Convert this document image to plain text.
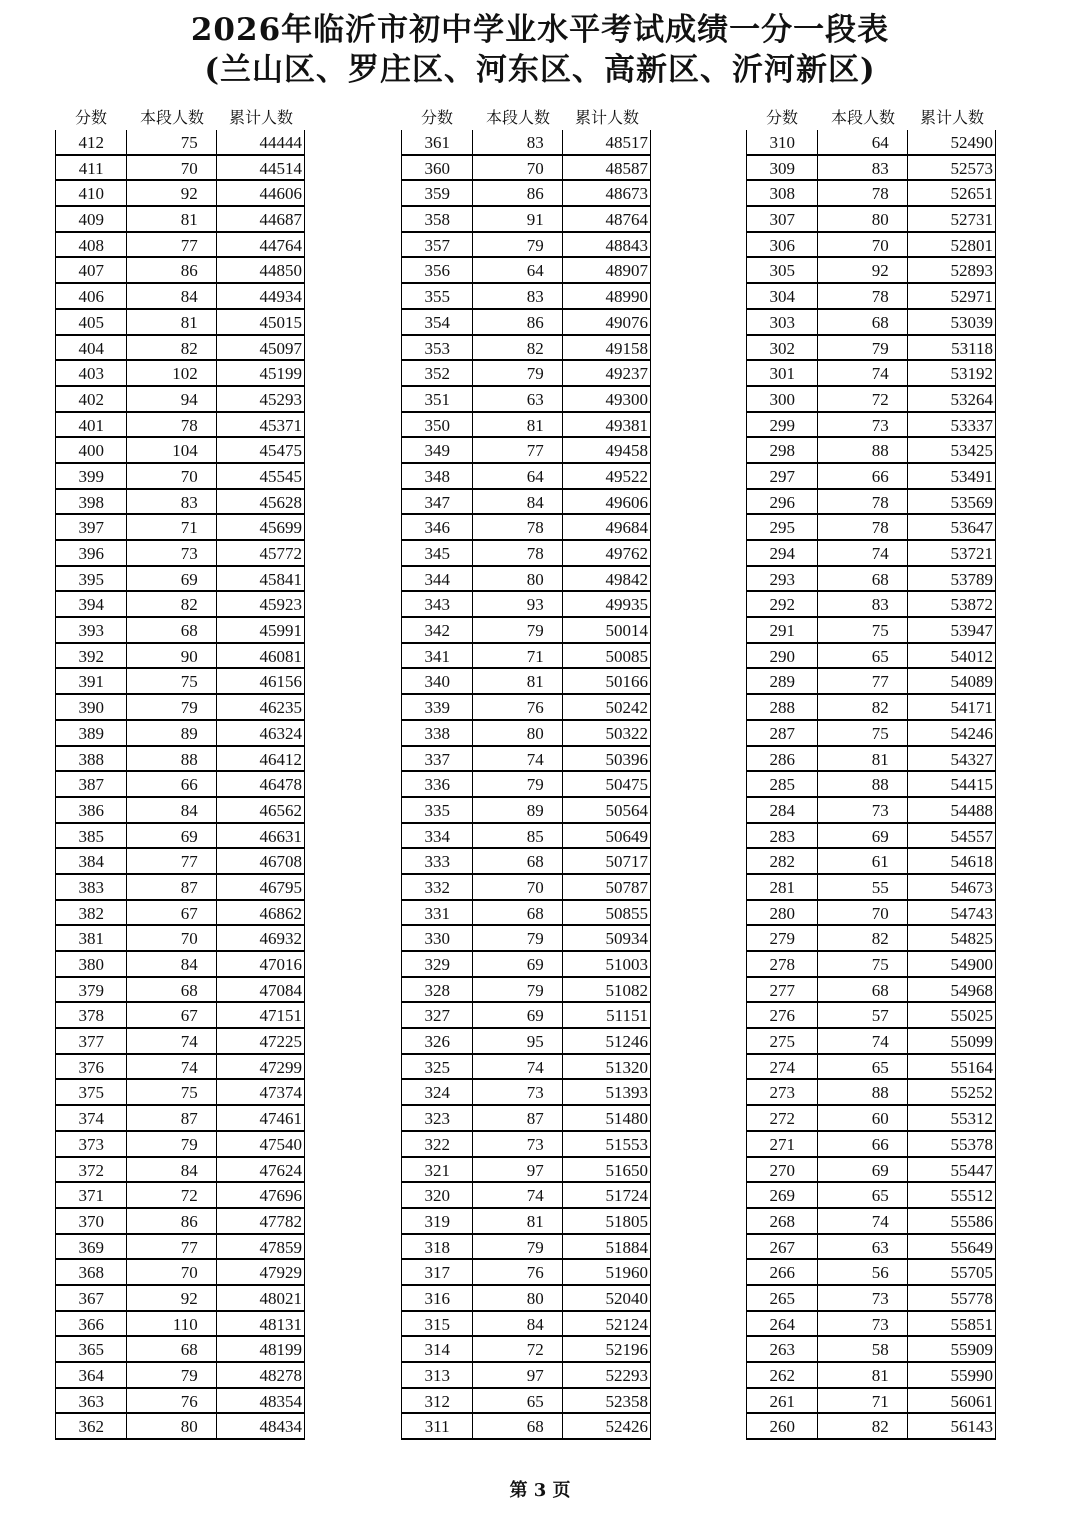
2026年临沂市初中学业水平考试成绩一分一段表
(兰山区、罗庄区、河东区、高新区、沂河新区)
分数	本段人数	累计人数
412	75	44444
411	70	44514
410	92	44606
409	81	44687
408	77	44764
407	86	44850
406	84	44934
405	81	45015
404	82	45097
403	102	45199
402	94	45293
401	78	45371
400	104	45475
399	70	45545
398	83	45628
397	71	45699
396	73	45772
395	69	45841
394	82	45923
393	68	45991
392	90	46081
391	75	46156
390	79	46235
389	89	46324
388	88	46412
387	66	46478
386	84	46562
385	69	46631
384	77	46708
383	87	46795
382	67	46862
381	70	46932
380	84	47016
379	68	47084
378	67	47151
377	74	47225
376	74	47299
375	75	47374
374	87	47461
373	79	47540
372	84	47624
371	72	47696
370	86	47782
369	77	47859
368	70	47929
367	92	48021
366	110	48131
365	68	48199
364	79	48278
363	76	48354
362	80	48434
分数	本段人数	累计人数
361	83	48517
360	70	48587
359	86	48673
358	91	48764
357	79	48843
356	64	48907
355	83	48990
354	86	49076
353	82	49158
352	79	49237
351	63	49300
350	81	49381
349	77	49458
348	64	49522
347	84	49606
346	78	49684
345	78	49762
344	80	49842
343	93	49935
342	79	50014
341	71	50085
340	81	50166
339	76	50242
338	80	50322
337	74	50396
336	79	50475
335	89	50564
334	85	50649
333	68	50717
332	70	50787
331	68	50855
330	79	50934
329	69	51003
328	79	51082
327	69	51151
326	95	51246
325	74	51320
324	73	51393
323	87	51480
322	73	51553
321	97	51650
320	74	51724
319	81	51805
318	79	51884
317	76	51960
316	80	52040
315	84	52124
314	72	52196
313	97	52293
312	65	52358
311	68	52426
分数	本段人数	累计人数
310	64	52490
309	83	52573
308	78	52651
307	80	52731
306	70	52801
305	92	52893
304	78	52971
303	68	53039
302	79	53118
301	74	53192
300	72	53264
299	73	53337
298	88	53425
297	66	53491
296	78	53569
295	78	53647
294	74	53721
293	68	53789
292	83	53872
291	75	53947
290	65	54012
289	77	54089
288	82	54171
287	75	54246
286	81	54327
285	88	54415
284	73	54488
283	69	54557
282	61	54618
281	55	54673
280	70	54743
279	82	54825
278	75	54900
277	68	54968
276	57	55025
275	74	55099
274	65	55164
273	88	55252
272	60	55312
271	66	55378
270	69	55447
269	65	55512
268	74	55586
267	63	55649
266	56	55705
265	73	55778
264	73	55851
263	58	55909
262	81	55990
261	71	56061
260	82	56143
第 3 页
